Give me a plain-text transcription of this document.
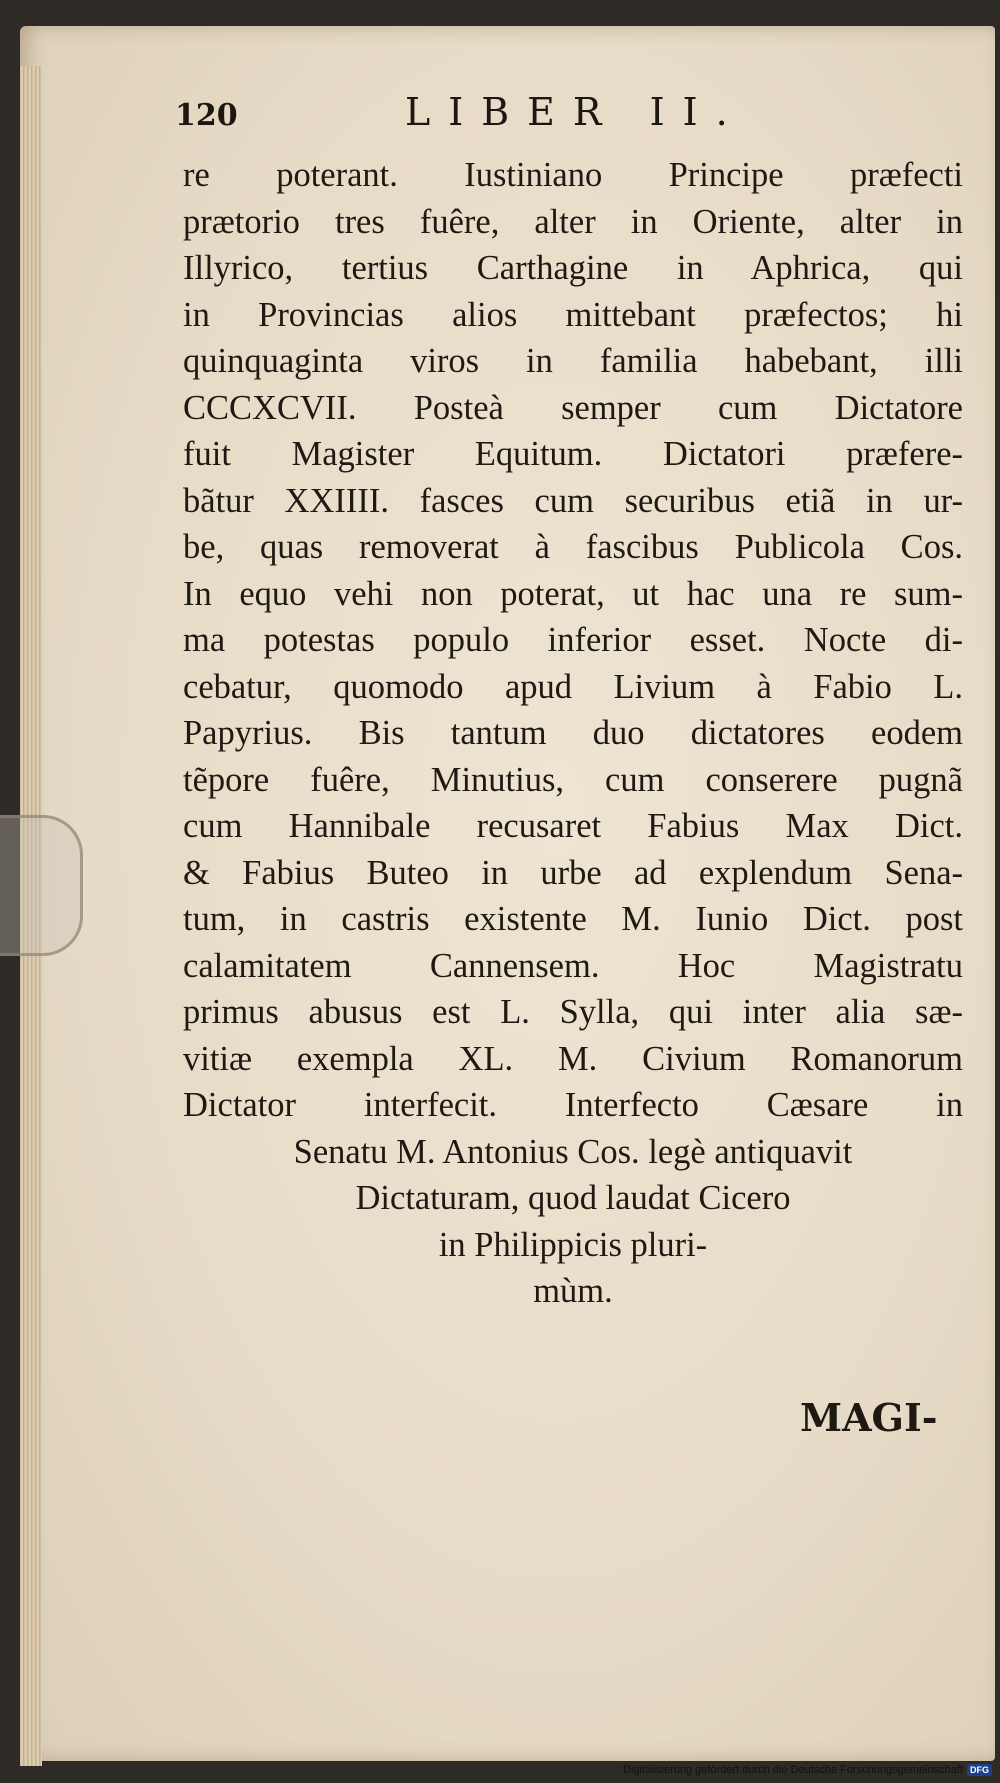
120	LIBER II.
re poterant. Iustiniano Principe præfecti
prætorio tres fuêre, alter in Oriente, alter in
Illyrico, tertius Carthagine in Aphrica, qui
in Provincias alios mittebant præfectos; hi
quinquaginta viros in familia habebant, illi
CCCXCVII. Posteà semper cum Dictatore
fuit Magister Equitum. Dictatori præfere-
bãtur XXIIII. fasces cum securibus etiã in ur-
be, quas removerat à fascibus Publicola Cos.
In equo vehi non poterat, ut hac una re sum-
ma potestas populo inferior esset. Nocte di-
cebatur, quomodo apud Livium à Fabio L.
Papyrius. Bis tantum duo dictatores eodem
tẽpore fuêre, Minutius, cum conserere pugnã
cum Hannibale recusaret Fabius Max Dict.
& Fabius Buteo in urbe ad explendum Sena-
tum, in castris existente M. Iunio Dict. post
calamitatem Cannensem. Hoc Magistratu
primus abusus est L. Sylla, qui inter alia sæ-
vitiæ exempla XL. M. Civium Romanorum
Dictator interfecit. Interfecto Cæsare in
Senatu M. Antonius Cos. legè antiquavit
Dictaturam, quod laudat Cicero
in Philippicis pluri-
mùm.
MAGI-
Digitalisierung gefördert durch die Deutsche Forschungsgemeinschaft DFG
